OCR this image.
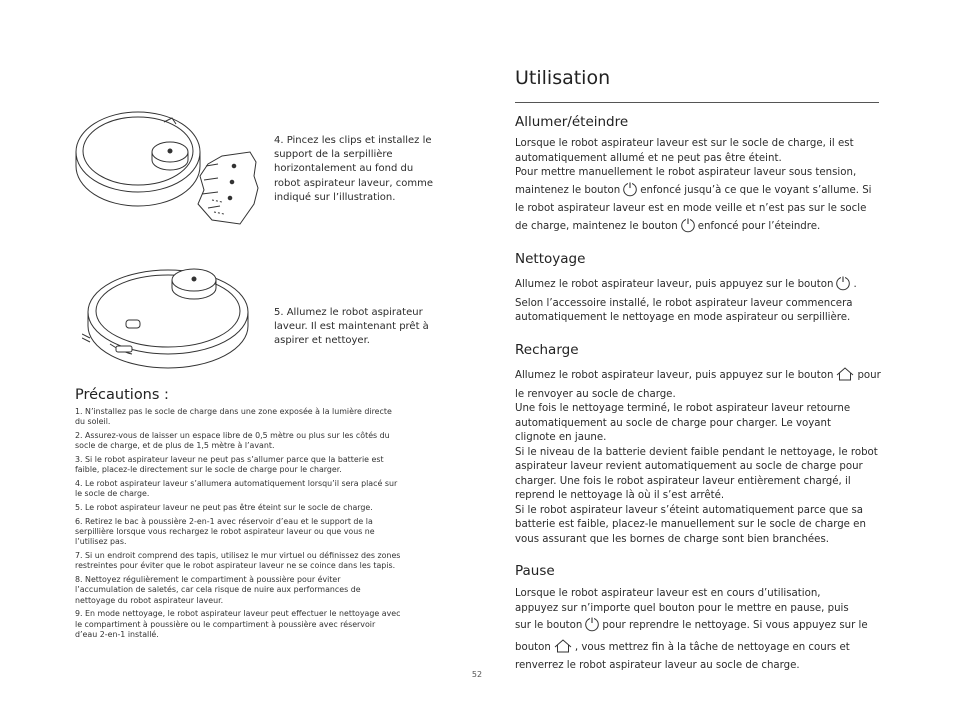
4. Pincez les clips et installez le
support de la serpillière
horizontalement au fond du
robot aspirateur laveur, comme
indiqué sur l’illustration.
5. Allumez le robot aspirateur
laveur. Il est maintenant prêt à
aspirer et nettoyer.
Précautions :

1. N’installez pas le socle de charge dans une zone exposée à la lumière directe
du soleil.

2. Assurez-vous de laisser un espace libre de 0,5 mètre ou plus sur les côtés du
socle de charge, et de plus de 1,5 mètre à l’avant.

3. Si le robot aspirateur laveur ne peut pas s’allumer parce que la batterie est
faible, placez-le directement sur le socle de charge pour le charger.

4. Le robot aspirateur laveur s’allumera automatiquement lorsqu’il sera placé sur
le socle de charge.

5. Le robot aspirateur laveur ne peut pas être éteint sur le socle de charge.

6. Retirez le bac à poussière 2-en-1 avec réservoir d’eau et le support de la
serpillière lorsque vous rechargez le robot aspirateur laveur ou que vous ne
l’utilisez pas.

7. Si un endroit comprend des tapis, utilisez le mur virtuel ou définissez des zones
restreintes pour éviter que le robot aspirateur laveur ne se coince dans les tapis.

8. Nettoyez régulièrement le compartiment à poussière pour éviter
l’accumulation de saletés, car cela risque de nuire aux performances de
nettoyage du robot aspirateur laveur.

9. En mode nettoyage, le robot aspirateur laveur peut effectuer le nettoyage avec
le compartiment à poussière ou le compartiment à poussière avec réservoir
d’eau 2-en-1 installé.

Utilisation
Allumer/éteindre
Lorsque le robot aspirateur laveur est sur le socle de charge, il est
automatiquement allumé et ne peut pas être éteint.
Pour mettre manuellement le robot aspirateur laveur sous tension,
maintenez le bouton enfoncé jusqu’à ce que le voyant s’allume. Si
le robot aspirateur laveur est en mode veille et n’est pas sur le socle
de charge, maintenez le bouton enfoncé pour l’éteindre.
Nettoyage
Allumez le robot aspirateur laveur, puis appuyez sur le bouton .
Selon l’accessoire installé, le robot aspirateur laveur commencera
automatiquement le nettoyage en mode aspirateur ou serpillière.
Recharge
Allumez le robot aspirateur laveur, puis appuyez sur le bouton pour
le renvoyer au socle de charge.
Une fois le nettoyage terminé, le robot aspirateur laveur retourne
automatiquement au socle de charge pour charger. Le voyant
clignote en jaune.
Si le niveau de la batterie devient faible pendant le nettoyage, le robot
aspirateur laveur revient automatiquement au socle de charge pour
charger. Une fois le robot aspirateur laveur entièrement chargé, il
reprend le nettoyage là où il s’est arrêté.
Si le robot aspirateur laveur s’éteint automatiquement parce que sa
batterie est faible, placez-le manuellement sur le socle de charge en
vous assurant que les bornes de charge sont bien branchées.
Pause
Lorsque le robot aspirateur laveur est en cours d’utilisation,
appuyez sur n’importe quel bouton pour le mettre en pause, puis
sur le bouton pour reprendre le nettoyage. Si vous appuyez sur le
bouton , vous mettrez fin à la tâche de nettoyage en cours et
renverrez le robot aspirateur laveur au socle de charge.
52
